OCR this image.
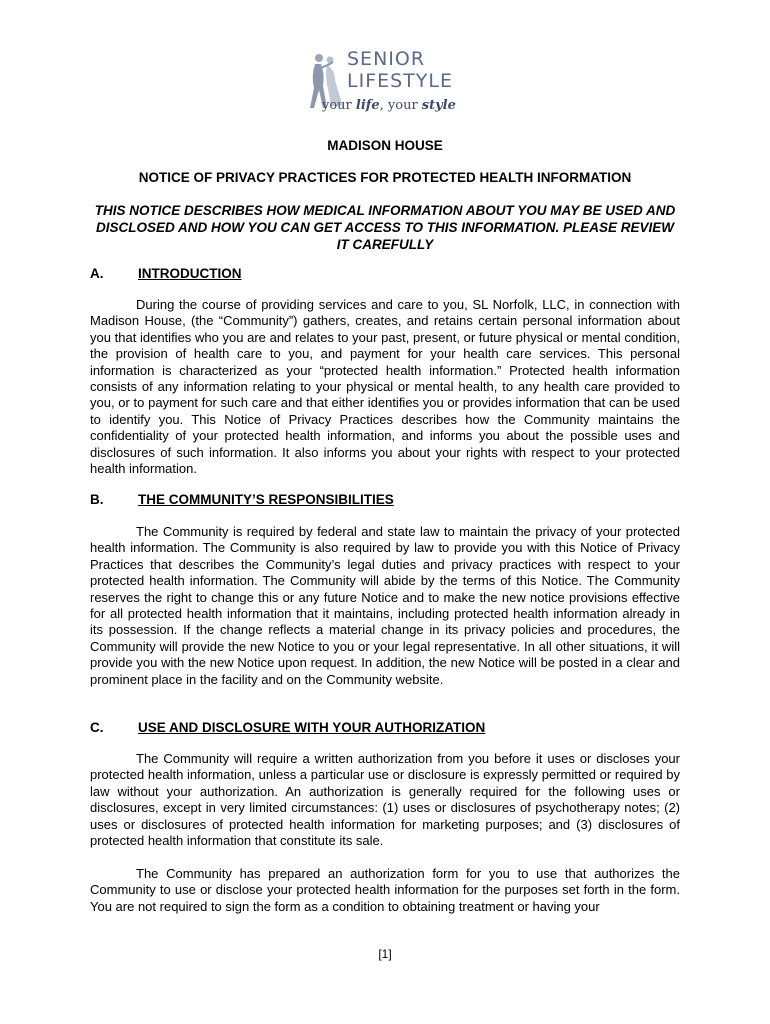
SENIOR
LIFESTYLE
your life, your style
MADISON HOUSE
NOTICE OF PRIVACY PRACTICES FOR PROTECTED HEALTH INFORMATION
THIS NOTICE DESCRIBES HOW MEDICAL INFORMATION ABOUT YOU MAY BE USED AND DISCLOSED AND HOW YOU CAN GET ACCESS TO THIS INFORMATION. PLEASE REVIEW IT CAREFULLY
A.	INTRODUCTION

During the course of providing services and care to you, SL Norfolk, LLC, in connection with Madison House, (the “Community”) gathers, creates, and retains certain personal information about you that identifies who you are and relates to your past, present, or future physical or mental condition, the provision of health care to you, and payment for your health care services. This personal information is characterized as your “protected health information.” Protected health information consists of any information relating to your physical or mental health, to any health care provided to you, or to payment for such care and that either identifies you or provides information that can be used to identify you. This Notice of Privacy Practices describes how the Community maintains the confidentiality of your protected health information, and informs you about the possible uses and disclosures of such information. It also informs you about your rights with respect to your protected health information.

B.	THE COMMUNITY’S RESPONSIBILITIES

The Community is required by federal and state law to maintain the privacy of your protected health information. The Community is also required by law to provide you with this Notice of Privacy Practices that describes the Community’s legal duties and privacy practices with respect to your protected health information. The Community will abide by the terms of this Notice. The Community reserves the right to change this or any future Notice and to make the new notice provisions effective for all protected health information that it maintains, including protected health information already in its possession. If the change reflects a material change in its privacy policies and procedures, the Community will provide the new Notice to you or your legal representative. In all other situations, it will provide you with the new Notice upon request. In addition, the new Notice will be posted in a clear and prominent place in the facility and on the Community website.

C.	USE AND DISCLOSURE WITH YOUR AUTHORIZATION

The Community will require a written authorization from you before it uses or discloses your protected health information, unless a particular use or disclosure is expressly permitted or required by law without your authorization. An authorization is generally required for the following uses or disclosures, except in very limited circumstances: (1) uses or disclosures of psychotherapy notes; (2) uses or disclosures of protected health information for marketing purposes; and (3) disclosures of protected health information that constitute its sale.

The Community has prepared an authorization form for you to use that authorizes the Community to use or disclose your protected health information for the purposes set forth in the form. You are not required to sign the form as a condition to obtaining treatment or having your

[1]
